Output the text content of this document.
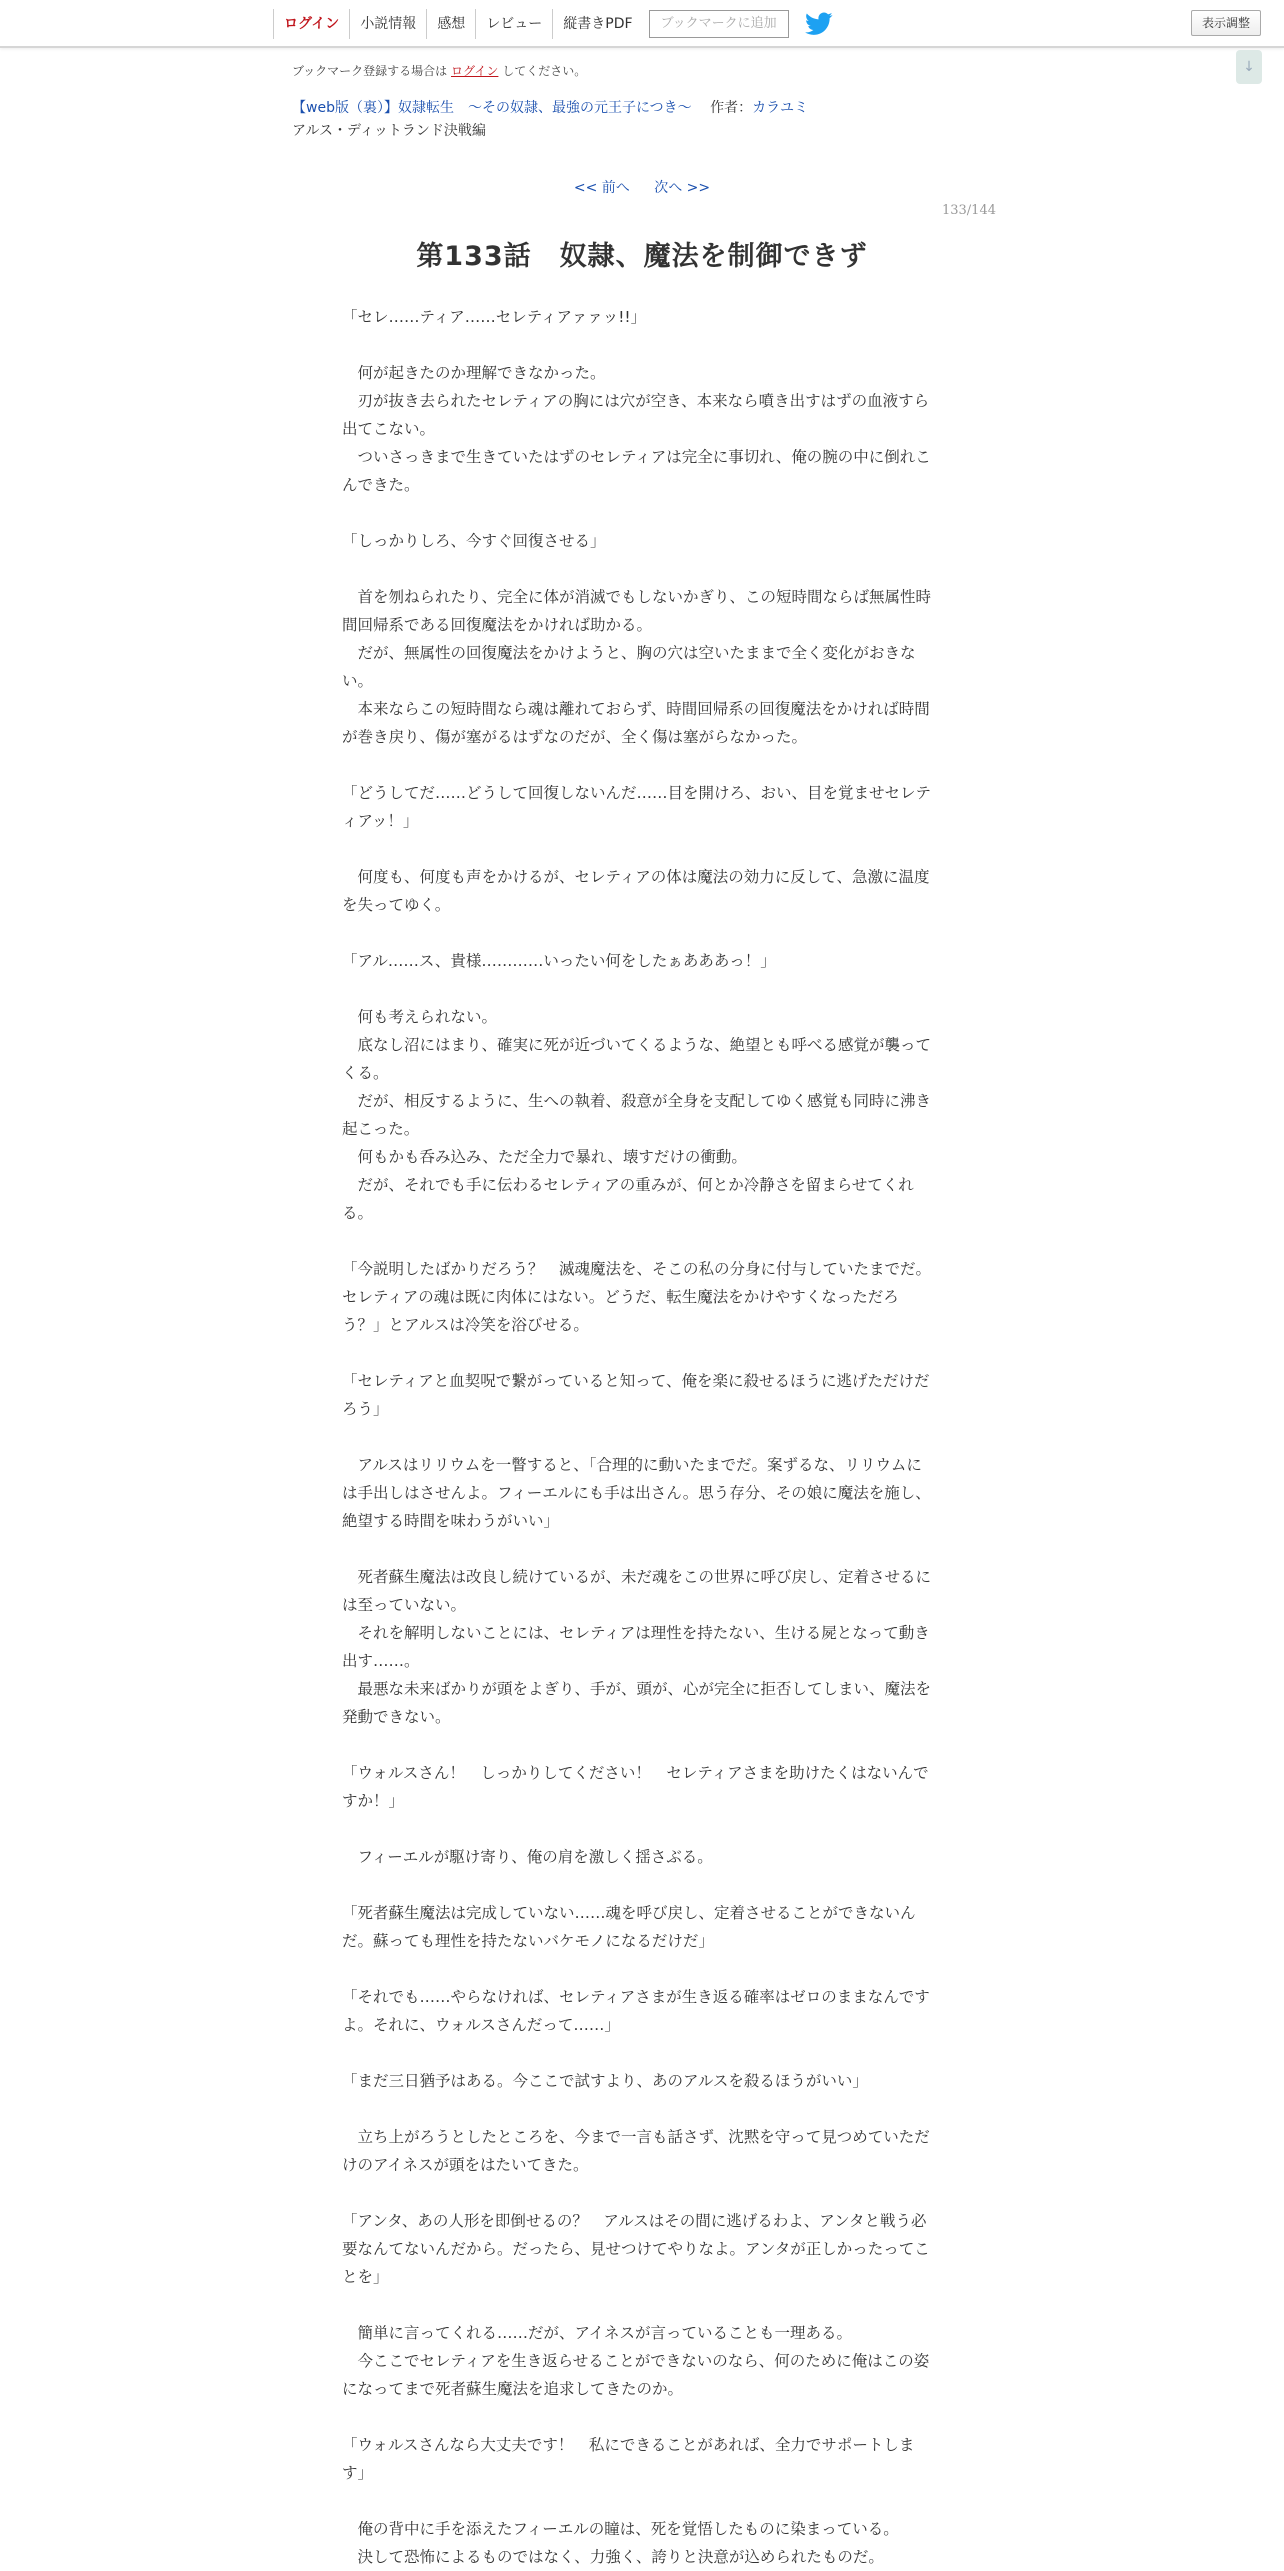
ログイン	小説情報	感想	レビュー	縦書きPDF	ブックマークに追加	表示調整
↓
ブックマーク登録する場合は ログイン してください。
【web版（裏）】奴隷転生　～その奴隷、最強の元王子につき～ 作者：カラユミ
アルス・ディットランド決戦編
<< 前へ 次へ >>
133/144
第133話　奴隷、魔法を制御できず

「セレ……ティア……セレティアァァッ!!」

　何が起きたのか理解できなかった。

　刃が抜き去られたセレティアの胸には穴が空き、本来なら噴き出すはずの血液すら出てこない。

　ついさっきまで生きていたはずのセレティアは完全に事切れ、俺の腕の中に倒れこんできた。

「しっかりしろ、今すぐ回復させる」

　首を刎ねられたり、完全に体が消滅でもしないかぎり、この短時間ならば無属性時間回帰系である回復魔法をかければ助かる。

　だが、無属性の回復魔法をかけようと、胸の穴は空いたままで全く変化がおきない。

　本来ならこの短時間なら魂は離れておらず、時間回帰系の回復魔法をかければ時間が巻き戻り、傷が塞がるはずなのだが、全く傷は塞がらなかった。

「どうしてだ……どうして回復しないんだ……目を開けろ、おい、目を覚ませセレティアッ！」

　何度も、何度も声をかけるが、セレティアの体は魔法の効力に反して、急激に温度を失ってゆく。

「アル……ス、貴様…………いったい何をしたぁあああっ！」

　何も考えられない。

　底なし沼にはまり、確実に死が近づいてくるような、絶望とも呼べる感覚が襲ってくる。

　だが、相反するように、生への執着、殺意が全身を支配してゆく感覚も同時に沸き起こった。

　何もかも呑み込み、ただ全力で暴れ、壊すだけの衝動。

　だが、それでも手に伝わるセレティアの重みが、何とか冷静さを留まらせてくれる。

「今説明したばかりだろう？　滅魂魔法を、そこの私の分身に付与していたまでだ。セレティアの魂は既に肉体にはない。どうだ、転生魔法をかけやすくなっただろう？」とアルスは冷笑を浴びせる。

「セレティアと血契呪で繋がっていると知って、俺を楽に殺せるほうに逃げただけだろう」

　アルスはリリウムを一瞥すると、「合理的に動いたまでだ。案ずるな、リリウムには手出しはさせんよ。フィーエルにも手は出さん。思う存分、その娘に魔法を施し、絶望する時間を味わうがいい」

　死者蘇生魔法は改良し続けているが、未だ魂をこの世界に呼び戻し、定着させるには至っていない。

　それを解明しないことには、セレティアは理性を持たない、生ける屍となって動き出す……。

　最悪な未来ばかりが頭をよぎり、手が、頭が、心が完全に拒否してしまい、魔法を発動できない。

「ウォルスさん！　しっかりしてください！　セレティアさまを助けたくはないんですか！」

　フィーエルが駆け寄り、俺の肩を激しく揺さぶる。

「死者蘇生魔法は完成していない……魂を呼び戻し、定着させることができないんだ。蘇っても理性を持たないバケモノになるだけだ」

「それでも……やらなければ、セレティアさまが生き返る確率はゼロのままなんですよ。それに、ウォルスさんだって……」

「まだ三日猶予はある。今ここで試すより、あのアルスを殺るほうがいい」

　立ち上がろうとしたところを、今まで一言も話さず、沈黙を守って見つめていただけのアイネスが頭をはたいてきた。

「アンタ、あの人形を即倒せるの？　アルスはその間に逃げるわよ、アンタと戦う必要なんてないんだから。だったら、見せつけてやりなよ。アンタが正しかったってことを」

　簡単に言ってくれる……だが、アイネスが言っていることも一理ある。

　今ここでセレティアを生き返らせることができないのなら、何のために俺はこの姿になってまで死者蘇生魔法を追求してきたのか。

「ウォルスさんなら大丈夫です！　私にできることがあれば、全力でサポートします」

　俺の背中に手を添えたフィーエルの瞳は、死を覚悟したものに染まっている。

　決して恐怖によるものではなく、力強く、誇りと決意が込められたものだ。
